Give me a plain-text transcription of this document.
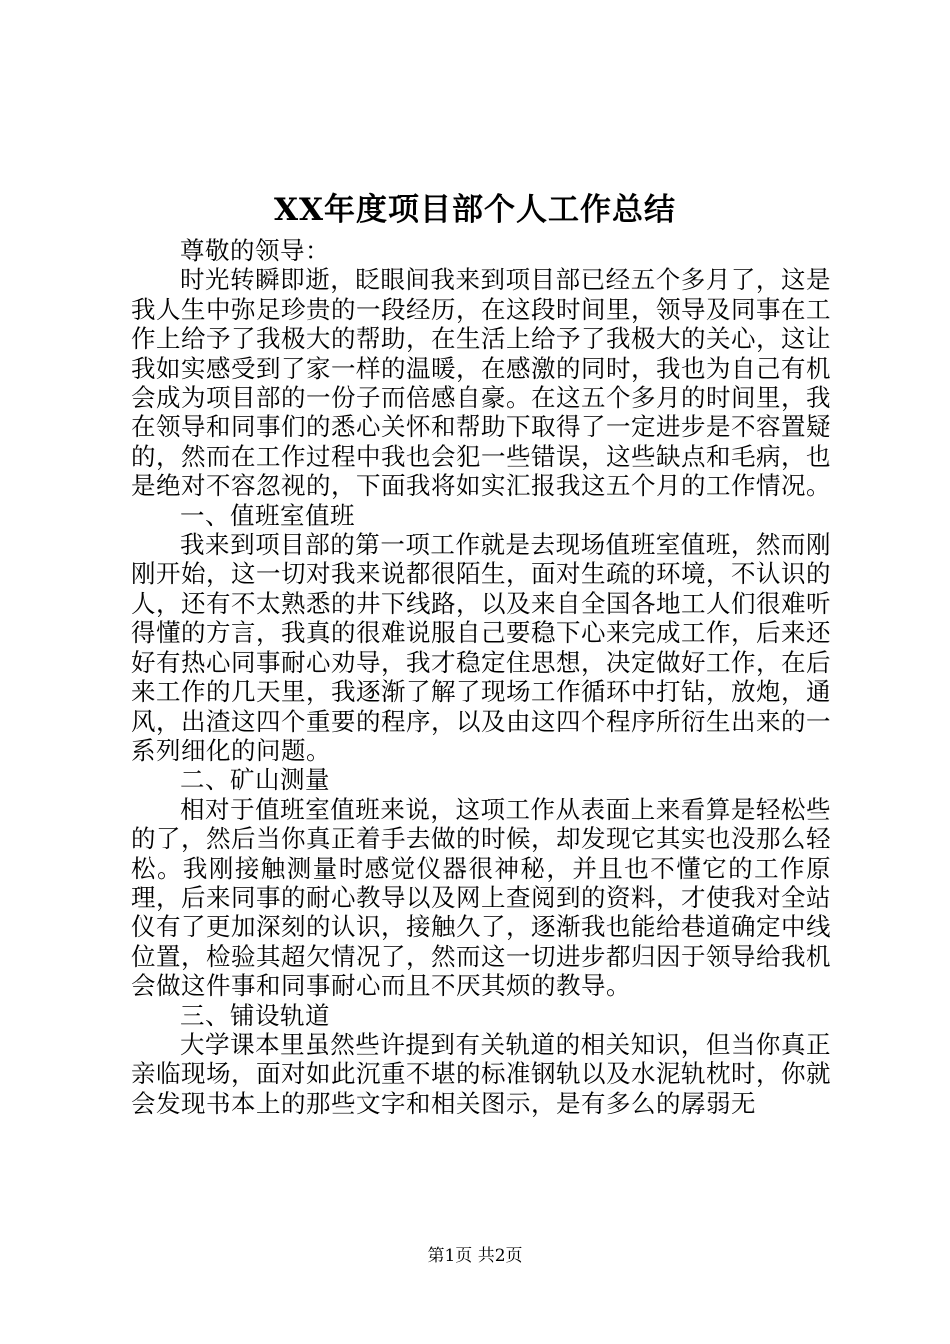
XX年度项目部个人工作总结

尊敬的领导：

时光转瞬即逝，眨眼间我来到项目部已经五个多月了，这是我人生中弥足珍贵的一段经历，在这段时间里，领导及同事在工作上给予了我极大的帮助，在生活上给予了我极大的关心，这让我如实感受到了家一样的温暖，在感激的同时，我也为自己有机会成为项目部的一份子而倍感自豪。在这五个多月的时间里，我在领导和同事们的悉心关怀和帮助下取得了一定进步是不容置疑的，然而在工作过程中我也会犯一些错误，这些缺点和毛病，也是绝对不容忽视的，下面我将如实汇报我这五个月的工作情况。

一、值班室值班

我来到项目部的第一项工作就是去现场值班室值班，然而刚刚开始，这一切对我来说都很陌生，面对生疏的环境，不认识的人，还有不太熟悉的井下线路，以及来自全国各地工人们很难听得懂的方言，我真的很难说服自己要稳下心来完成工作，后来还好有热心同事耐心劝导，我才稳定住思想，决定做好工作，在后来工作的几天里，我逐渐了解了现场工作循环中打钻，放炮，通风，出渣这四个重要的程序，以及由这四个程序所衍生出来的一系列细化的问题。

二、矿山测量

相对于值班室值班来说，这项工作从表面上来看算是轻松些的了，然后当你真正着手去做的时候，却发现它其实也没那么轻松。我刚接触测量时感觉仪器很神秘，并且也不懂它的工作原理，后来同事的耐心教导以及网上查阅到的资料，才使我对全站仪有了更加深刻的认识，接触久了，逐渐我也能给巷道确定中线位置，检验其超欠情况了，然而这一切进步都归因于领导给我机会做这件事和同事耐心而且不厌其烦的教导。

三、铺设轨道

大学课本里虽然些许提到有关轨道的相关知识，但当你真正亲临现场，面对如此沉重不堪的标准钢轨以及水泥轨枕时，你就会发现书本上的那些文字和相关图示，是有多么的孱弱无

第1页 共2页
